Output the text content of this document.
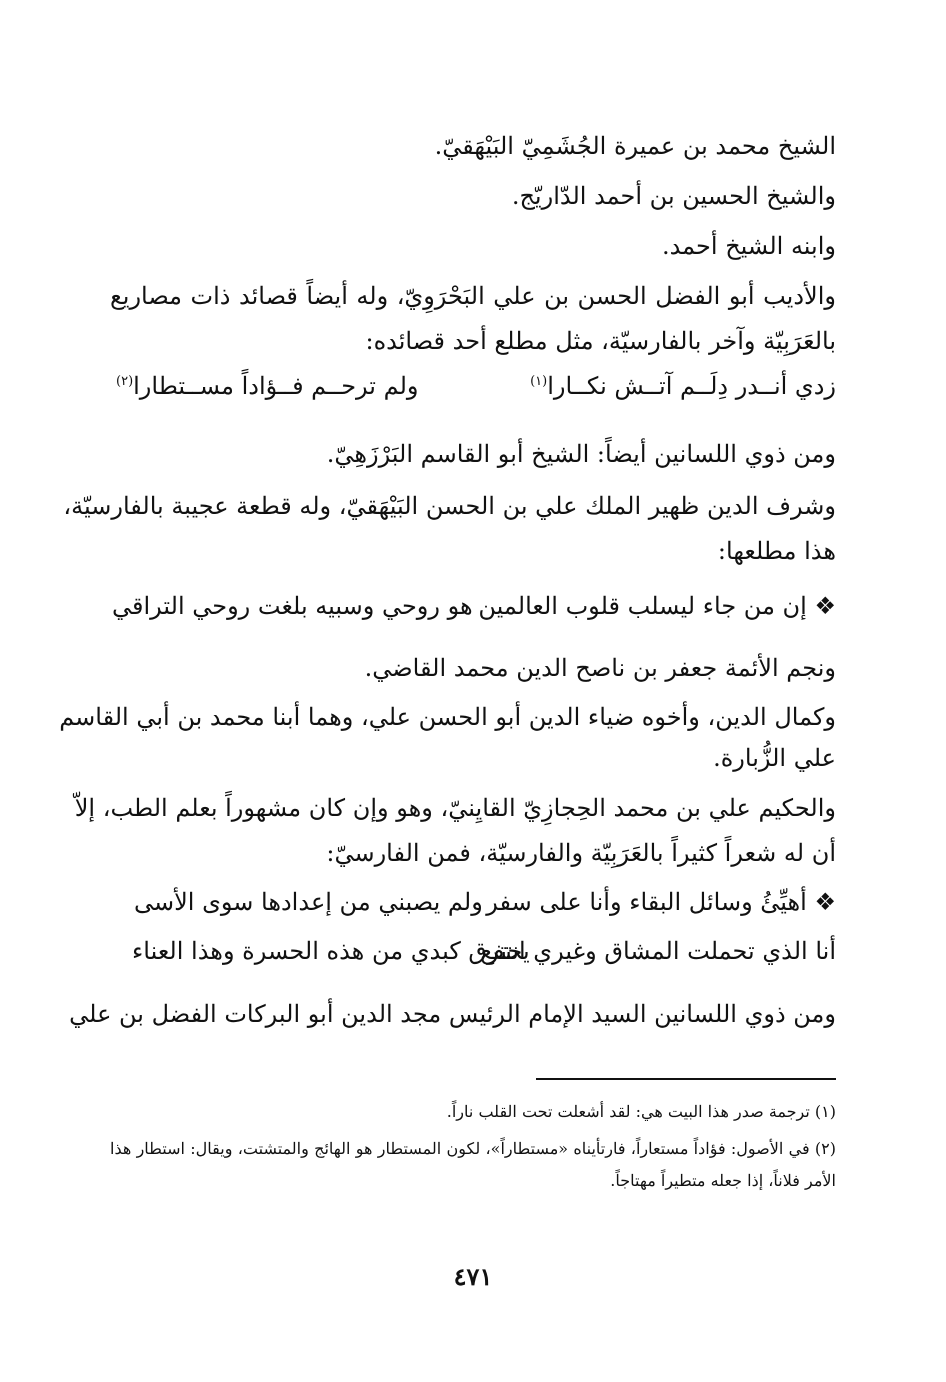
الشيخ محمد بن عميرة الجُشَمِيّ البَيْهَقيّ.
والشيخ الحسين بن أحمد الدّاريّج.
وابنه الشيخ أحمد.
والأديب أبو الفضل الحسن بن علي البَحْرَوِيّ، وله أيضاً قصائد ذات مصاريع
بالعَرَبِيّة وآخر بالفارسيّة، مثل مطلع أحد قصائده:
زدي أنــدر دِلَــم آتــش نكــارا$^{(١)}$
ولم ترحــم فــؤاداً مســتطارا$^{(٢)}$
ومن ذوي اللسانين أيضاً: الشيخ أبو القاسم البَرْزَهِيّ.
وشرف الدين ظهير الملك علي بن الحسن البَيْهَقيّ، وله قطعة عجيبة بالفارسيّة،
هذا مطلعها:
❖ إن من جاء ليسلب قلوب العالمين
هو روحي وسبيه بلغت روحي التراقي
ونجم الأئمة جعفر بن ناصح الدين محمد القاضي.
وكمال الدين، وأخوه ضياء الدين أبو الحسن علي، وهما أبنا محمد بن أبي القاسم
علي الزُّبارة.
والحكيم علي بن محمد الحِجازِيّ القايِنيّ، وهو وإن كان مشهوراً بعلم الطب، إلاّ
أن له شعراً كثيراً بالعَرَبِيّة والفارسيّة، فمن الفارسيّ:
❖ أهيِّئُ وسائل البقاء وأنا على سفر
ولم يصبني من إعدادها سوى الأسى
أنا الذي تحملت المشاق وغيري انتفع
يحترق كبدي من هذه الحسرة وهذا العناء
ومن ذوي اللسانين السيد الإمام الرئيس مجد الدين أبو البركات الفضل بن علي
(١) ترجمة صدر هذا البيت هي: لقد أشعلت تحت القلب ناراً.
(٢) في الأصول: فؤاداً مستعاراً، فارتأيناه «مستطاراً»، لكون المستطار هو الهائج والمتشتت، ويقال: استطار هذا
الأمر فلاناً، إذا جعله متطيراً مهتاجاً.
٤٧١
